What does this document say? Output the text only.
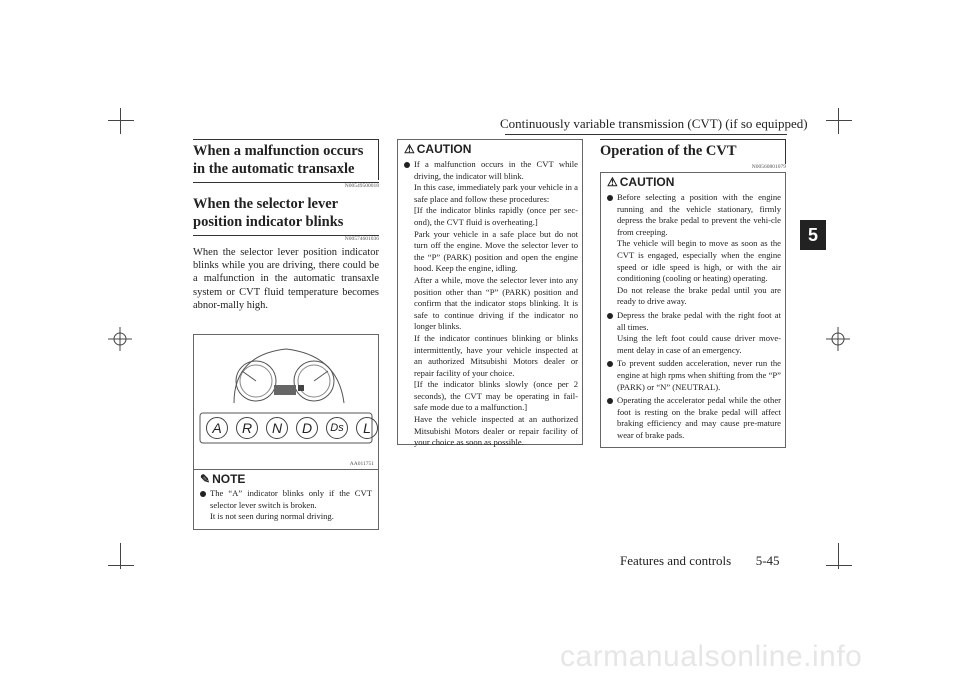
Continuously variable transmission (CVT) (if so equipped)
5
When a malfunction occurs in the automatic transaxle
N00549500018
When the selector lever position indicator blinks
N00574601036
When the selector lever position indicator blinks while you are driving, there could be a malfunction in the automatic transaxle system or CVT fluid temperature becomes abnor-mally high.
A	R	N	D	Ds	L
AA011751
✎ NOTE

The “A” indicator blinks only if the CVT selector lever switch is broken.

It is not seen during normal driving.

⚠ CAUTION

If a malfunction occurs in the CVT while driving, the indicator will blink.

In this case, immediately park your vehicle in a safe place and follow these procedures:

[If the indicator blinks rapidly (once per sec-ond), the CVT fluid is overheating.]

Park your vehicle in a safe place but do not turn off the engine. Move the selector lever to the “P” (PARK) position and open the engine hood. Keep the engine, idling.

After a while, move the selector lever into any position other than “P” (PARK) position and confirm that the indicator stops blinking. It is safe to continue driving if the indicator no longer blinks.

If the indicator continues blinking or blinks intermittently, have your vehicle inspected at an authorized Mitsubishi Motors dealer or repair facility of your choice.

[If the indicator blinks slowly (once per 2 seconds), the CVT may be operating in fail-safe mode due to a malfunction.]

Have the vehicle inspected at an authorized Mitsubishi Motors dealer or repair facility of your choice as soon as possible.

Operation of the CVT
N00560801079
⚠ CAUTION

Before selecting a position with the engine running and the vehicle stationary, firmly depress the brake pedal to prevent the vehi-cle from creeping.

The vehicle will begin to move as soon as the CVT is engaged, especially when the engine speed or idle speed is high, or with the air conditioning (cooling or heating) operating.

Do not release the brake pedal until you are ready to drive away.

Depress the brake pedal with the right foot at all times.

Using the left foot could cause driver move-ment delay in case of an emergency.

To prevent sudden acceleration, never run the engine at high rpms when shifting from the “P” (PARK) or “N” (NEUTRAL).

Operating the accelerator pedal while the other foot is resting on the brake pedal will affect braking efficiency and may cause pre-mature wear of brake pads.

Features and controls 5-45
carmanualsonline.info
